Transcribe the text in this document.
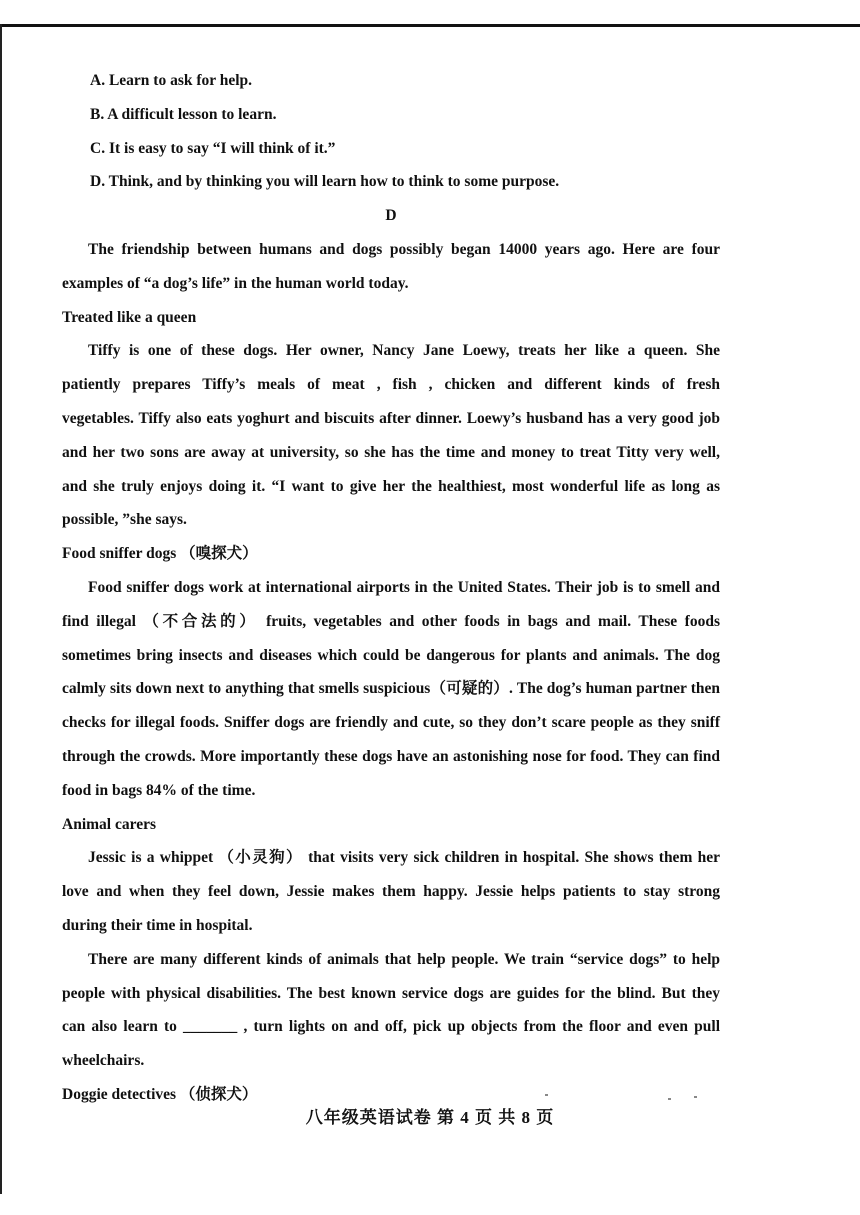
A. Learn to ask for help.
B. A difficult lesson to learn.
C. It is easy to say “I will think of it.”
D. Think, and by thinking you will learn how to think to some purpose.
D
The friendship between humans and dogs possibly began 14000 years ago. Here are four
examples of “a dog’s life” in the human world today.
Treated like a queen
Tiffy is one of these dogs. Her owner, Nancy Jane Loewy, treats her like a queen. She
patiently prepares Tiffy’s meals of meat , fish , chicken and different kinds of fresh
vegetables. Tiffy also eats yoghurt and biscuits after dinner. Loewy’s husband has a very good job
and her two sons are away at university, so she has the time and money to treat Titty very well,
and she truly enjoys doing it. “I want to give her the healthiest, most wonderful life as long as
possible, ”she says.
Food sniffer dogs （嗅探犬）
Food sniffer dogs work at international airports in the United States. Their job is to smell and
find illegal （不合法的） fruits, vegetables and other foods in bags and mail. These foods
sometimes bring insects and diseases which could be dangerous for plants and animals. The dog
calmly sits down next to anything that smells suspicious（可疑的）. The dog’s human partner then
checks for illegal foods. Sniffer dogs are friendly and cute, so they don’t scare people as they sniff
through the crowds. More importantly these dogs have an astonishing nose for food. They can find
food in bags 84% of the time.
Animal carers
Jessic is a whippet （小灵狗） that visits very sick children in hospital. She shows them her
love and when they feel down, Jessie makes them happy. Jessie helps patients to stay strong
during their time in hospital.
There are many different kinds of animals that help people. We train “service dogs” to help
people with physical disabilities. The best known service dogs are guides for the blind. But they
can also learn to _______ , turn lights on and off, pick up objects from the floor and even pull
wheelchairs.
Doggie detectives （侦探犬）
八年级英语试卷 第 4 页 共 8 页
